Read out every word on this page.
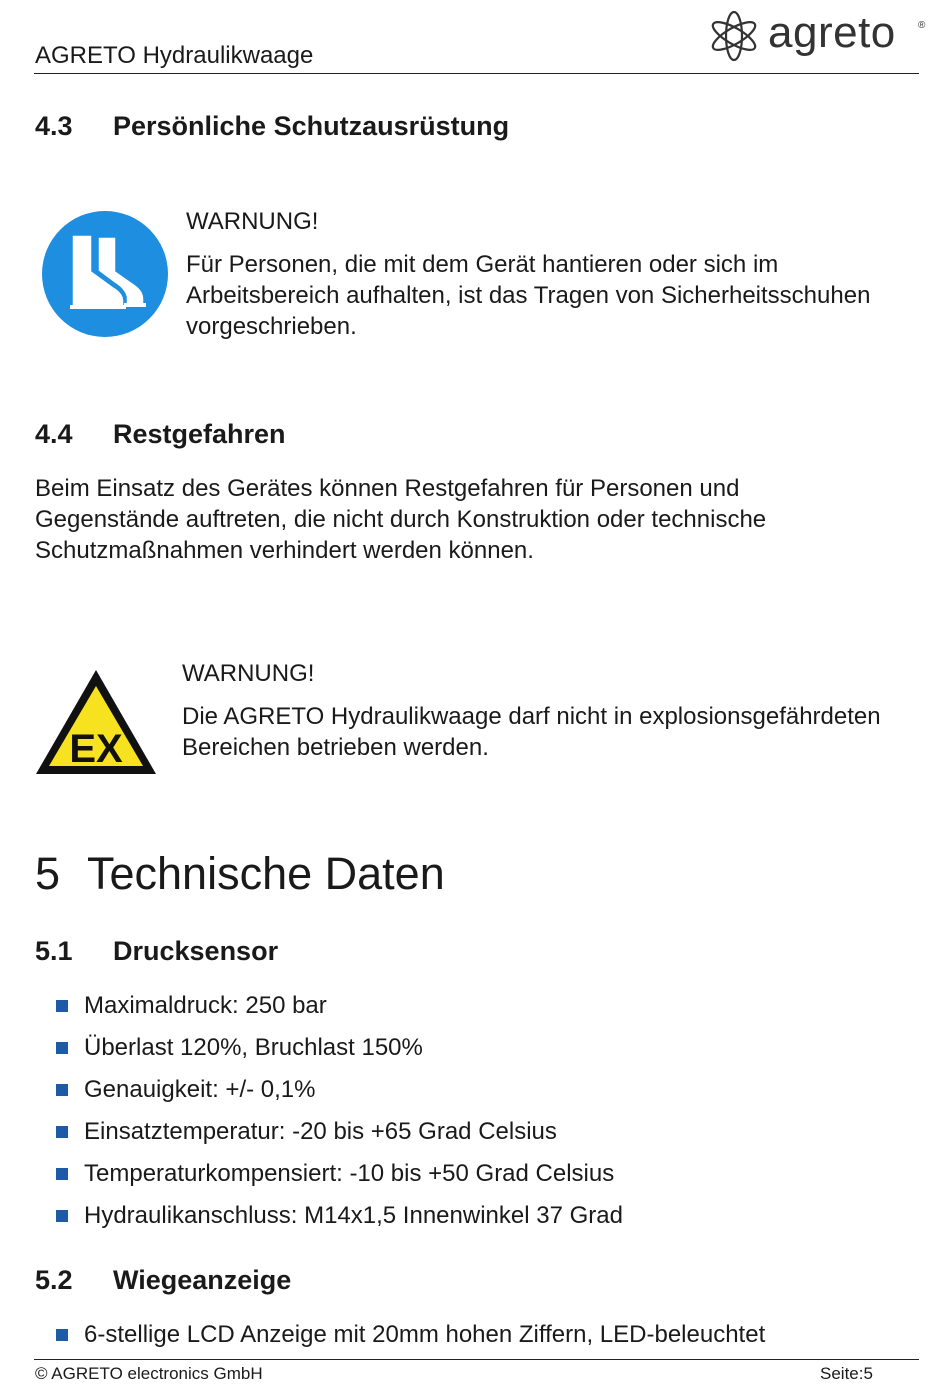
AGRETO Hydraulikwaage	agreto ®
4.3 Persönliche Schutzausrüstung
WARNUNG!
Für Personen, die mit dem Gerät hantieren oder sich im
Arbeitsbereich aufhalten, ist das Tragen von Sicherheitsschuhen
vorgeschrieben.
4.4 Restgefahren
Beim Einsatz des Gerätes können Restgefahren für Personen und
Gegenstände auftreten, die nicht durch Konstruktion oder technische
Schutzmaßnahmen verhindert werden können.
EX
WARNUNG!
Die AGRETO Hydraulikwaage darf nicht in explosionsgefährdeten
Bereichen betrieben werden.
5 Technische Daten
5.1 Drucksensor
Maximaldruck: 250 bar
Überlast 120%, Bruchlast 150%
Genauigkeit: +/- 0,1%
Einsatztemperatur: -20 bis +65 Grad Celsius
Temperaturkompensiert: -10 bis +50 Grad Celsius
Hydraulikanschluss: M14x1,5 Innenwinkel 37 Grad
5.2 Wiegeanzeige
6-stellige LCD Anzeige mit 20mm hohen Ziffern, LED-beleuchtet
© AGRETO electronics GmbH	Seite:5
